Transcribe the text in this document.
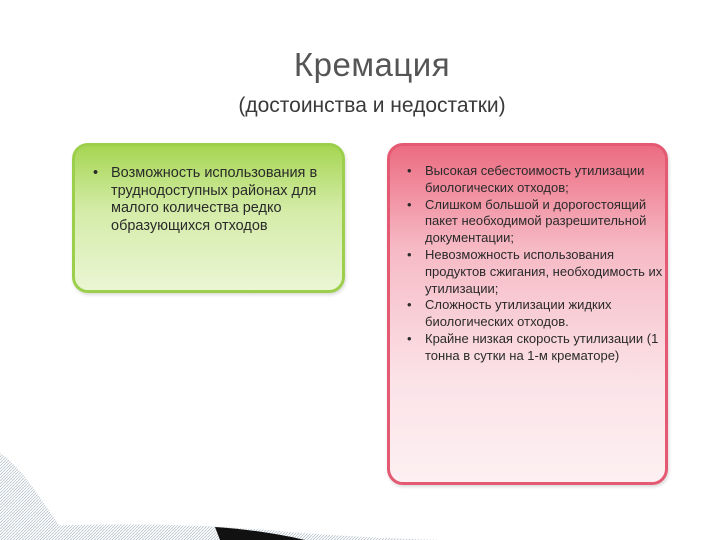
Кремация
(достоинства и недостатки)
• Возможность использования в труднодоступных районах для малого количества редко образующихся отходов
• Высокая себестоимость утилизации биологических отходов;
• Слишком большой и дорогостоящий пакет необходимой разрешительной документации;
• Невозможность использования продуктов сжигания, необходимость их утилизации;
• Сложность утилизации жидких биологических отходов.
• Крайне низкая скорость утилизации (1 тонна в сутки на 1-м крематоре)
